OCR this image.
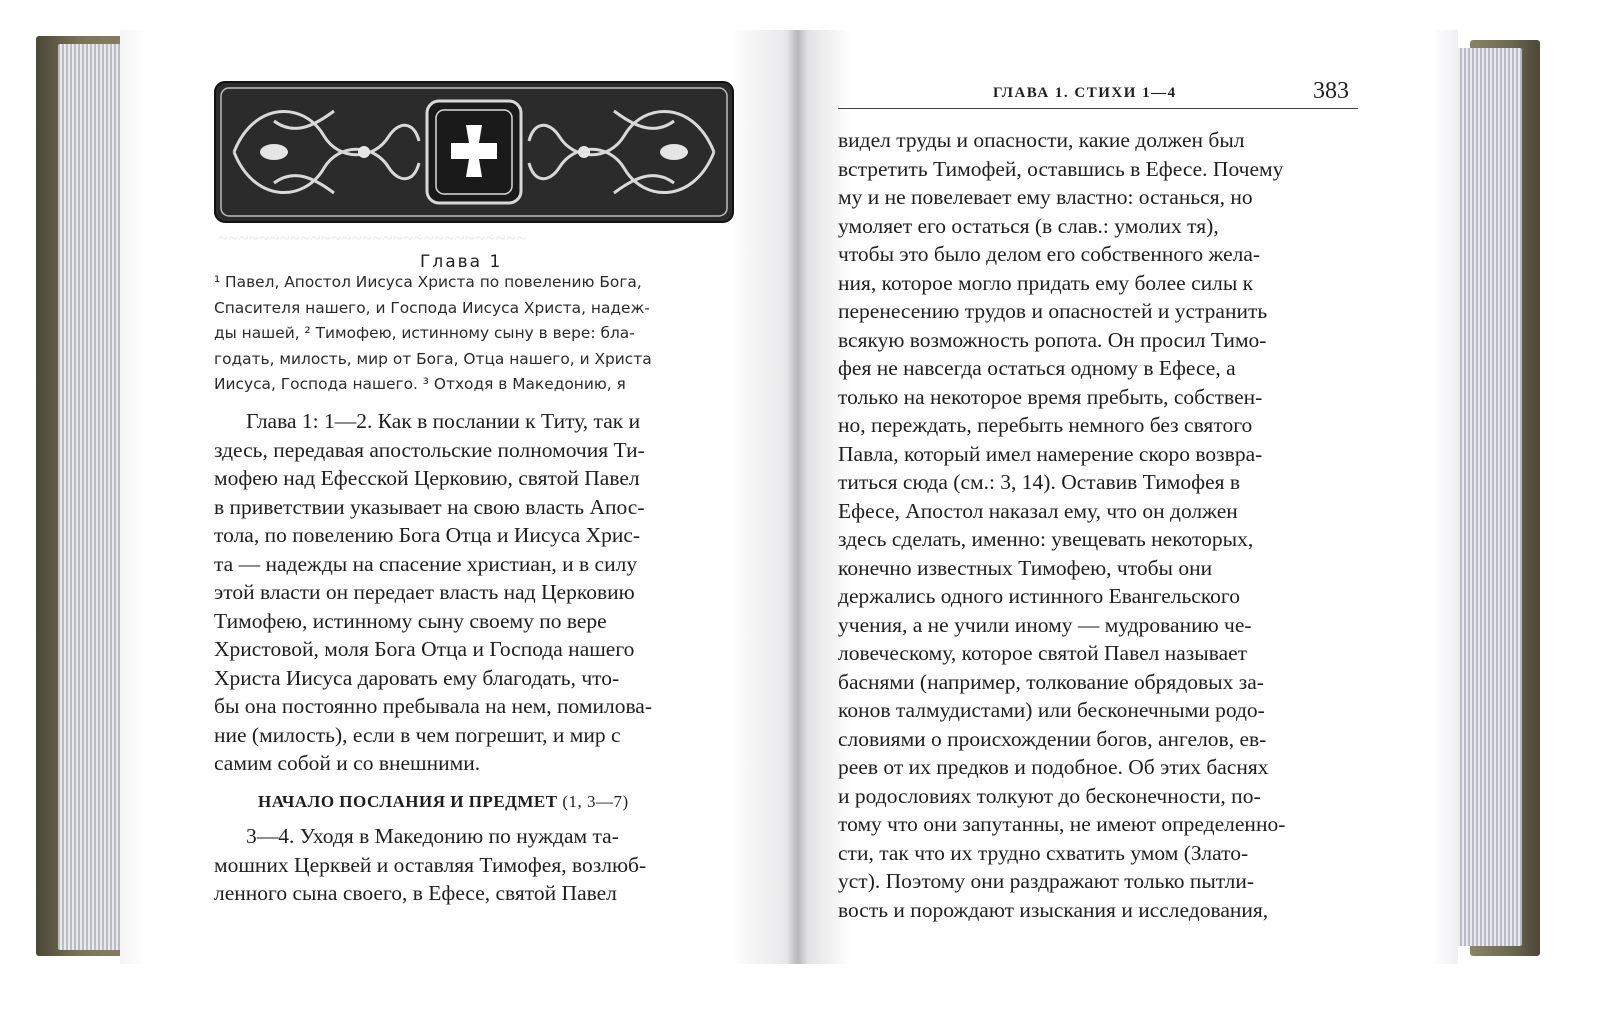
~~~~~~~~~~~~~~~~~~~~~~~~~~~~~~
Глава 1
¹ Павел, Апостол Иисуса Христа по повелению Бога,
Спасителя нашего, и Господа Иисуса Христа, надеж-
ды нашей, ² Тимофею, истинному сыну в вере: бла-
годать, милость, мир от Бога, Отца нашего, и Христа
Иисуса, Господа нашего. ³ Отходя в Македонию, я
Глава 1: 1—2. Как в послании к Титу, так и
здесь, передавая апостольские полномочия Ти-
мофею над Ефесской Церковию, святой Павел
в приветствии указывает на свою власть Апос-
тола, по повелению Бога Отца и Иисуса Хрис-
та — надежды на спасение христиан, и в силу
этой власти он передает власть над Церковию
Тимофею, истинному сыну своему по вере
Христовой, моля Бога Отца и Господа нашего
Христа Иисуса даровать ему благодать, что-
бы она постоянно пребывала на нем, помилова-
ние (милость), если в чем погрешит, и мир с
самим собой и со внешними.
НАЧАЛО ПОСЛАНИЯ И ПРЕДМЕТ (1, 3—7)
3—4. Уходя в Македонию по нуждам та-
мошних Церквей и оставляя Тимофея, возлюб-
ленного сына своего, в Ефесе, святой Павел
ГЛАВА 1. СТИХИ 1—4	383
видел труды и опасности, какие должен был
встретить Тимофей, оставшись в Ефесе. Почему
му и не повелевает ему властно: останься, но
умоляет его остаться (в слав.: умолих тя),
чтобы это было делом его собственного жела-
ния, которое могло придать ему более силы к
перенесению трудов и опасностей и устранить
всякую возможность ропота. Он просил Тимо-
фея не навсегда остаться одному в Ефесе, а
только на некоторое время пребыть, собствен-
но, переждать, перебыть немного без святого
Павла, который имел намерение скоро возвра-
титься сюда (см.: 3, 14). Оставив Тимофея в
Ефесе, Апостол наказал ему, что он должен
здесь сделать, именно: увещевать некоторых,
конечно известных Тимофею, чтобы они
держались одного истинного Евангельского
учения, а не учили иному — мудрованию че-
ловеческому, которое святой Павел называет
баснями (например, толкование обрядовых за-
конов талмудистами) или бесконечными родо-
словиями о происхождении богов, ангелов, ев-
реев от их предков и подобное. Об этих баснях
и родословиях толкуют до бесконечности, по-
тому что они запутанны, не имеют определенно-
сти, так что их трудно схватить умом (Злато-
уст). Поэтому они раздражают только пытли-
вость и порождают изыскания и исследования,
